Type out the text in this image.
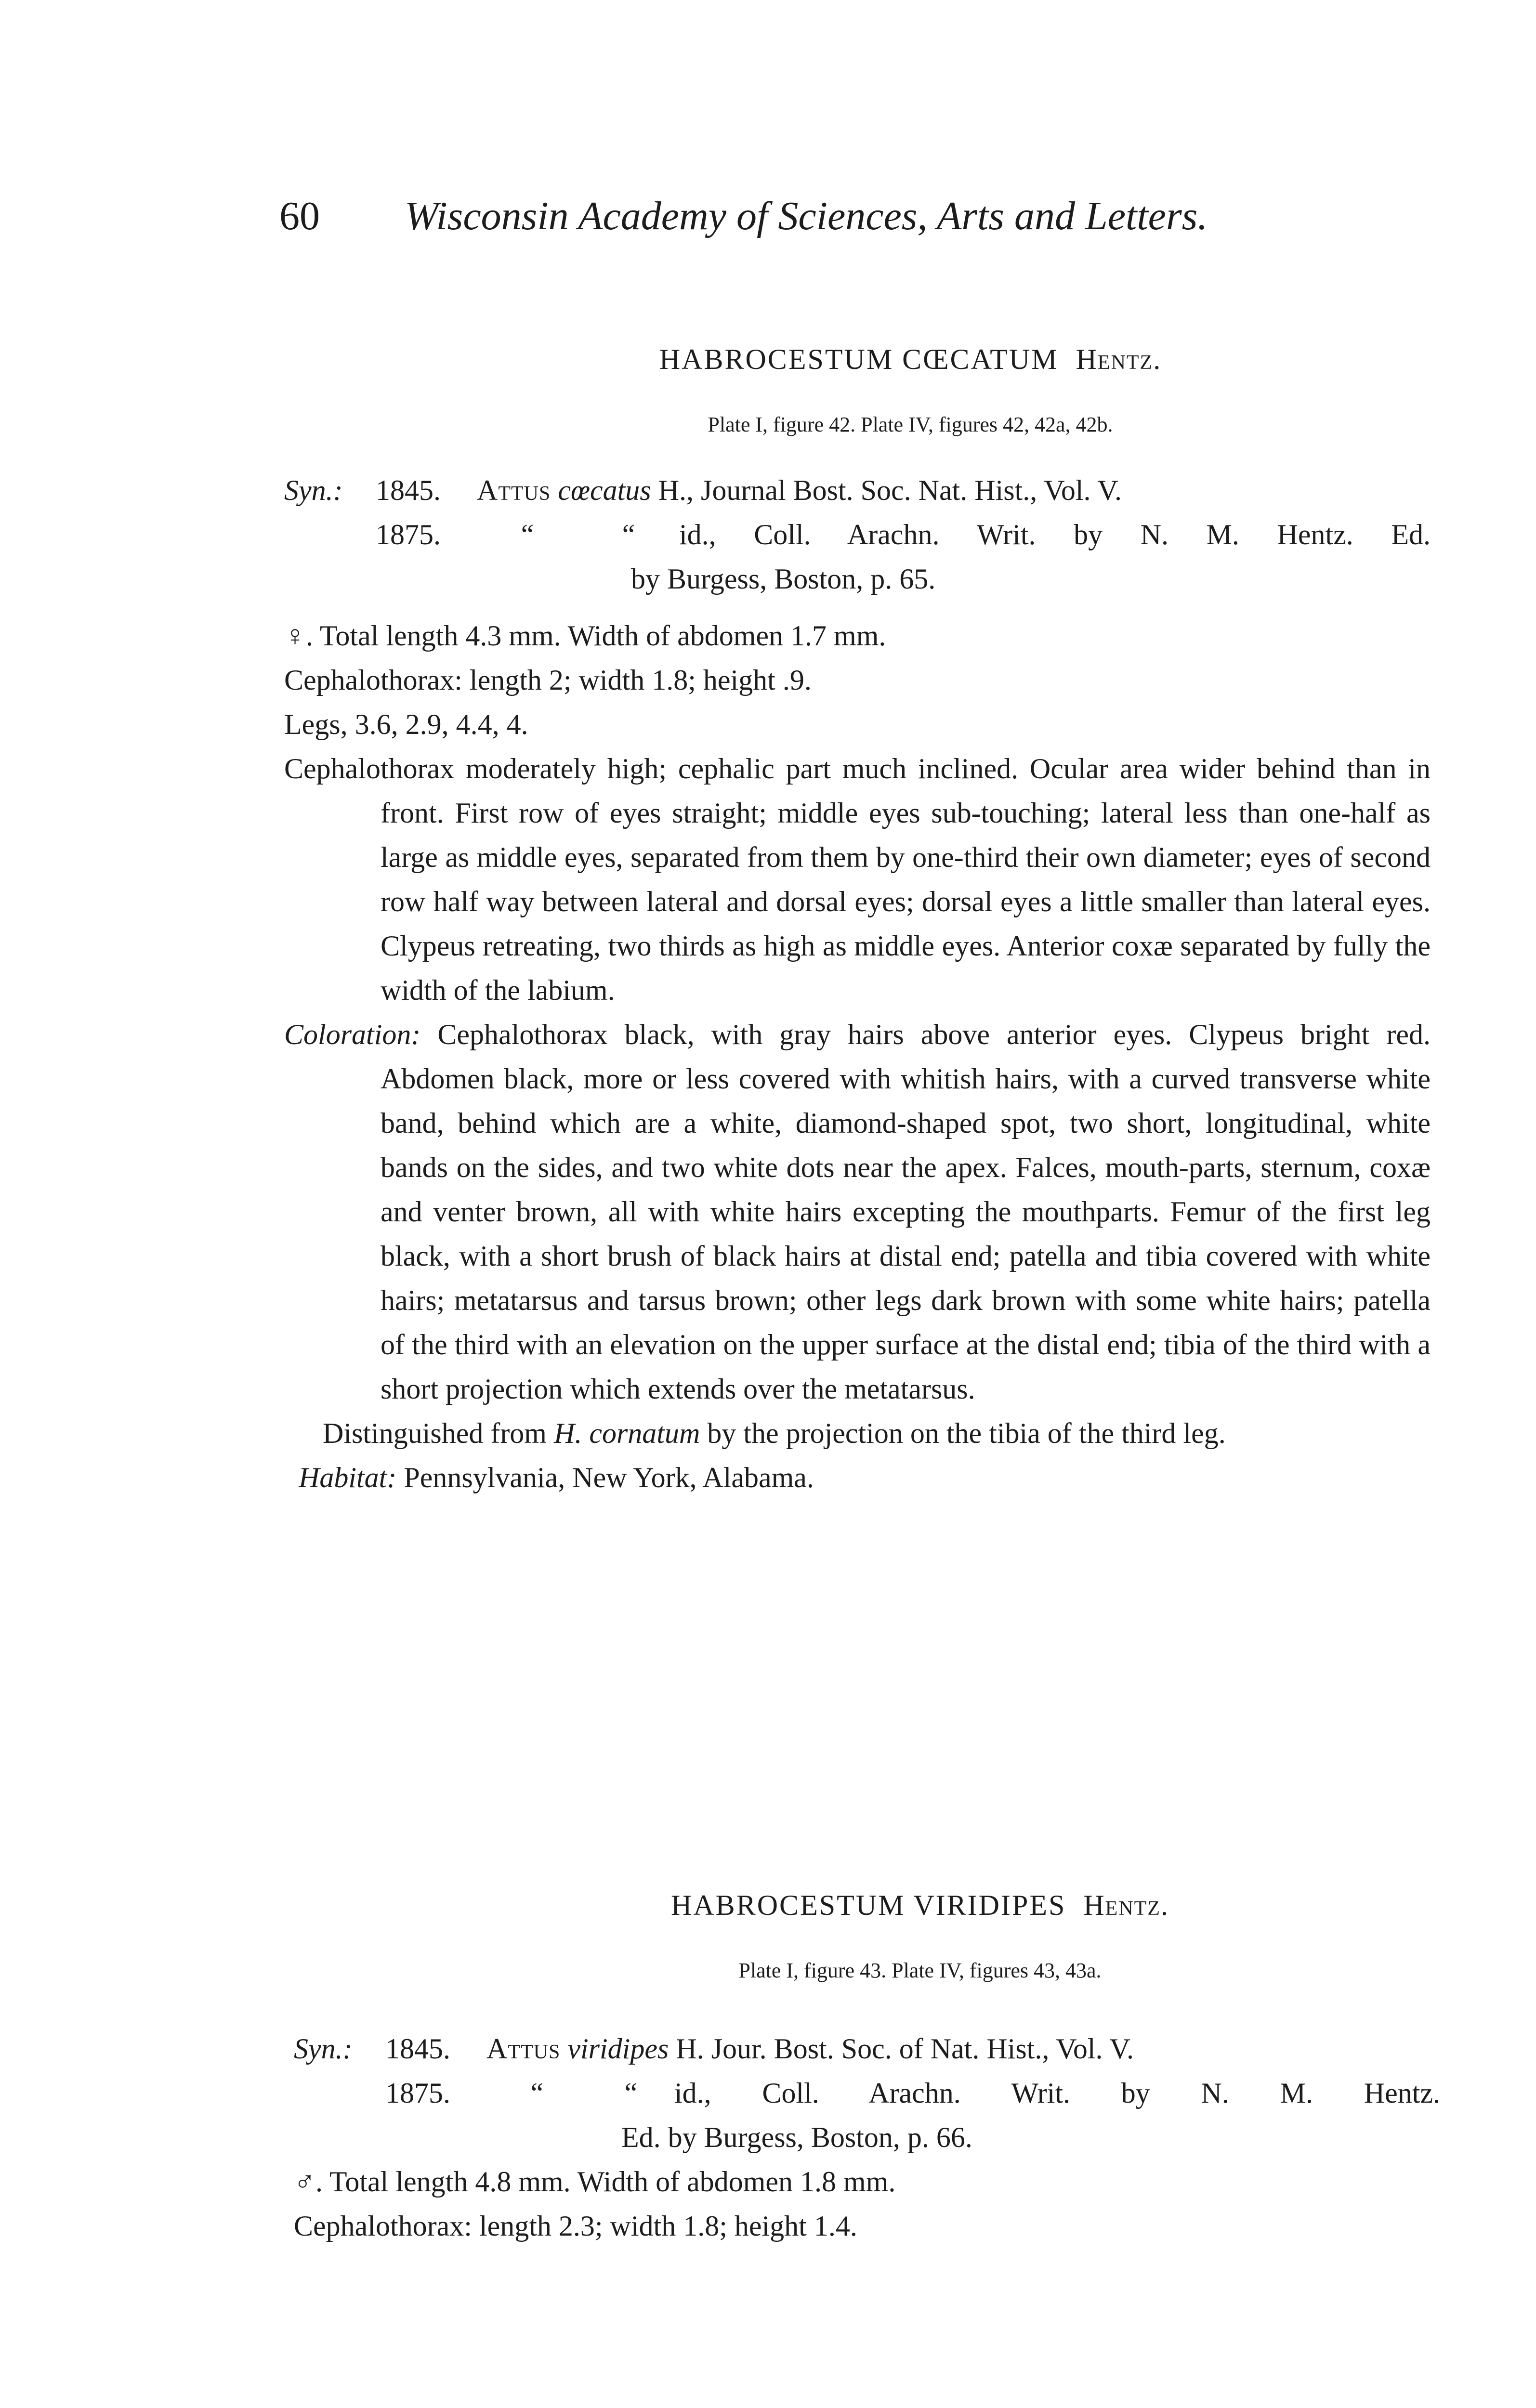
60 Wisconsin Academy of Sciences, Arts and Letters.
HABROCESTUM CŒCATUM Hentz.
Plate I, figure 42. Plate IV, figures 42, 42a, 42b.
Syn.:	1845.	Attus cœcatus H., Journal Bost. Soc. Nat. Hist., Vol. V.
1875.	“	“	id., Coll. Arachn. Writ. by N. M. Hentz. Ed.
by Burgess, Boston, p. 65.
♀. Total length 4.3 mm. Width of abdomen 1.7 mm.
Cephalothorax: length 2; width 1.8; height .9.
Legs, 3.6, 2.9, 4.4, 4.

Cephalothorax moderately high; cephalic part much inclined. Ocular area wider behind than in front. First row of eyes straight; middle eyes sub-touching; lateral less than one-half as large as middle eyes, separated from them by one-third their own diameter; eyes of second row half way between lateral and dorsal eyes; dorsal eyes a little smaller than lateral eyes. Clypeus retreating, two thirds as high as middle eyes. Anterior coxæ separated by fully the width of the labium.

Coloration: Cephalothorax black, with gray hairs above anterior eyes. Clypeus bright red. Abdomen black, more or less covered with whitish hairs, with a curved transverse white band, behind which are a white, diamond-shaped spot, two short, longitudinal, white bands on the sides, and two white dots near the apex. Falces, mouth-parts, sternum, coxæ and venter brown, all with white hairs excepting the mouthparts. Femur of the first leg black, with a short brush of black hairs at distal end; patella and tibia covered with white hairs; metatarsus and tarsus brown; other legs dark brown with some white hairs; patella of the third with an elevation on the upper surface at the distal end; tibia of the third with a short projection which extends over the metatarsus.

Distinguished from H. cornatum by the projection on the tibia of the third leg.

Habitat: Pennsylvania, New York, Alabama.

HABROCESTUM VIRIDIPES Hentz.
Plate I, figure 43. Plate IV, figures 43, 43a.
Syn.:	1845.	Attus viridipes H. Jour. Bost. Soc. of Nat. Hist., Vol. V.
1875.	“	“	id., Coll. Arachn. Writ. by N. M. Hentz.
Ed. by Burgess, Boston, p. 66.
♂. Total length 4.8 mm. Width of abdomen 1.8 mm.
Cephalothorax: length 2.3; width 1.8; height 1.4.
